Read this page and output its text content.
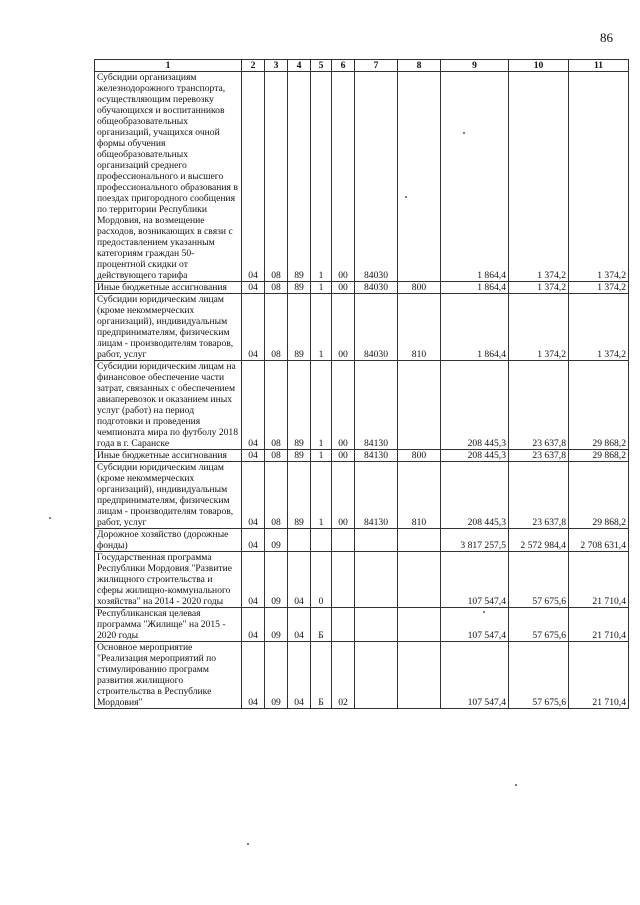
86
1	2	3	4	5	6	7	8	9	10	11
Субсидии организациям железнодорожного транспорта, осуществляющим перевозку обучающихся и воспитанников общеобразовательных организаций, учащихся очной формы обучения общеобразовательных организаций среднего профессионального и высшего профессионального образования в поездах пригородного сообщения по территории Республики Мордовия, на возмещение расходов, возникающих в связи с предоставлением указанным категориям граждан 50-процентной скидки от действующего тарифа	04	08	89	1	00	84030		1 864,4	1 374,2	1 374,2
Иные бюджетные ассигнования	04	08	89	1	00	84030	800	1 864,4	1 374,2	1 374,2
Субсидии юридическим лицам (кроме некоммерческих организаций), индивидуальным предпринимателям, физическим лицам - производителям товаров, работ, услуг	04	08	89	1	00	84030	810	1 864,4	1 374,2	1 374,2
Субсидии юридическим лицам на финансовое обеспечение части затрат, связанных с обеспечением авиаперевозок и оказанием иных услуг (работ) на период подготовки и проведения чемпионата мира по футболу 2018 года в г. Саранске	04	08	89	1	00	84130		208 445,3	23 637,8	29 868,2
Иные бюджетные ассигнования	04	08	89	1	00	84130	800	208 445,3	23 637,8	29 868,2
Субсидии юридическим лицам (кроме некоммерческих организаций), индивидуальным предпринимателям, физическим лицам - производителям товаров, работ, услуг	04	08	89	1	00	84130	810	208 445,3	23 637,8	29 868,2
Дорожное хозяйство (дорожные фонды)	04	09						3 817 257,5	2 572 984,4	2 708 631,4
Государственная программа Республики Мордовия "Развитие жилищного строительства и сферы жилищно-коммунального хозяйства" на 2014 - 2020 годы	04	09	04	0				107 547,4	57 675,6	21 710,4
Республиканская целевая программа "Жилище" на 2015 - 2020 годы	04	09	04	Б				107 547,4	57 675,6	21 710,4
Основное мероприятие "Реализация мероприятий по стимулированию программ развития жилищного строительства в Республике Мордовия"	04	09	04	Б	02			107 547,4	57 675,6	21 710,4
